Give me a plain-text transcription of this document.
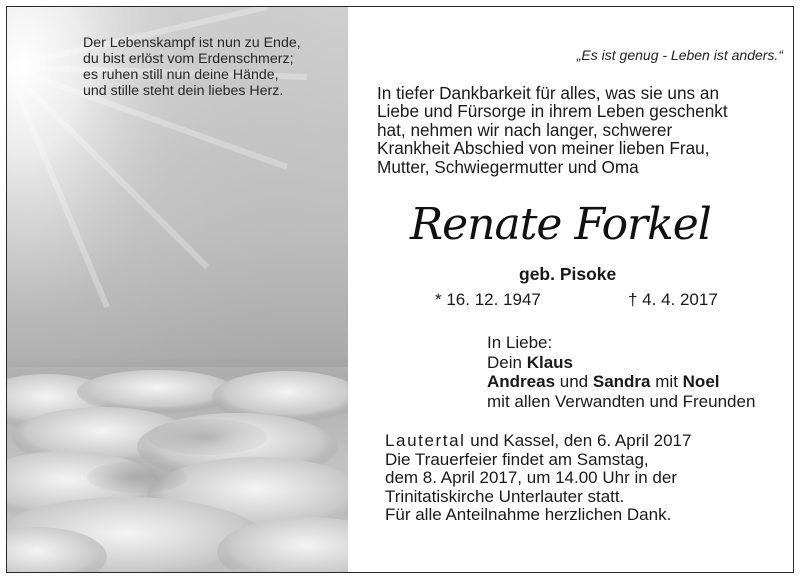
Der Lebenskampf ist nun zu Ende,
du bist erlöst vom Erdenschmerz;
es ruhen still nun deine Hände,
und stille steht dein liebes Herz.
„Es ist genug - Leben ist anders.“
In tiefer Dankbarkeit für alles, was sie uns an
Liebe und Fürsorge in ihrem Leben geschenkt
hat, nehmen wir nach langer, schwerer
Krankheit Abschied von meiner lieben Frau,
Mutter, Schwiegermutter und Oma
Renate Forkel
geb. Pisoke
* 16. 12. 1947	† 4. 4. 2017
In Liebe:
Dein Klaus
Andreas und Sandra mit Noel
mit allen Verwandten und Freunden
Lautertal und Kassel, den 6. April 2017
Die Trauerfeier findet am Samstag,
dem 8. April 2017, um 14.00 Uhr in der
Trinitatiskirche Unterlauter statt.
Für alle Anteilnahme herzlichen Dank.
